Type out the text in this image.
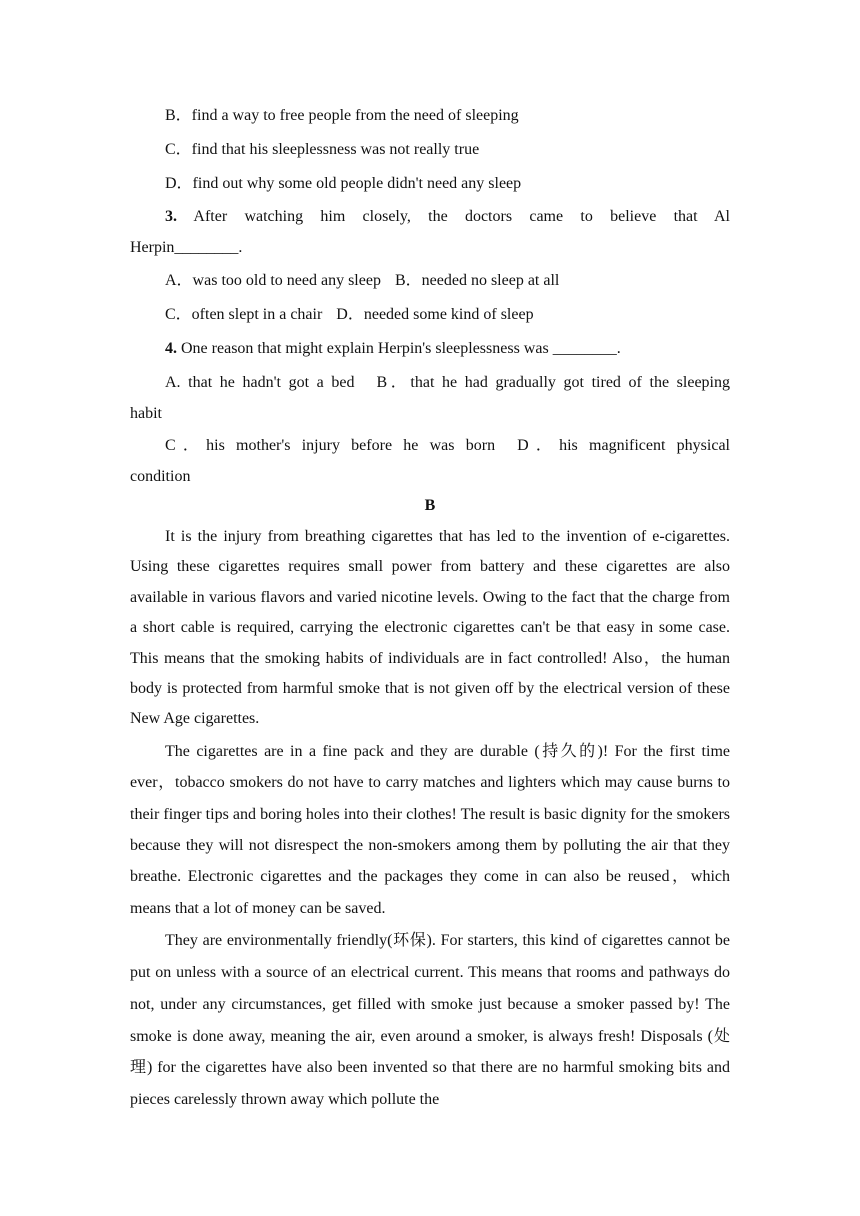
B．find a way to free people from the need of sleeping

C．find that his sleeplessness was not really true

D．find out why some old people didn't need any sleep

3. After watching him closely, the doctors came to believe that Al

Herpin________.

A．was too old to need any sleep B．needed no sleep at all

C．often slept in a chair D．needed some kind of sleep

4. One reason that might explain Herpin's sleeplessness was ________.

A. that he hadn't got a bed B．that he had gradually got tired of the sleeping

habit

C．his mother's injury before he was born D．his magnificent physical

condition

B

It is the injury from breathing cigarettes that has led to the invention of e-cigarettes. Using these cigarettes requires small power from battery and these cigarettes are also available in various flavors and varied nicotine levels. Owing to the fact that the charge from a short cable is required, carrying the electronic cigarettes can't be that easy in some case. This means that the smoking habits of individuals are in fact controlled! Also，the human body is protected from harmful smoke that is not given off by the electrical version of these New Age cigarettes.

The cigarettes are in a fine pack and they are durable (持久的)! For the first time ever，tobacco smokers do not have to carry matches and lighters which may cause burns to their finger tips and boring holes into their clothes! The result is basic dignity for the smokers because they will not disrespect the non-smokers among them by polluting the air that they breathe. Electronic cigarettes and the packages they come in can also be reused，which means that a lot of money can be saved.

They are environmentally friendly(环保). For starters, this kind of cigarettes cannot be put on unless with a source of an electrical current. This means that rooms and pathways do not, under any circumstances, get filled with smoke just because a smoker passed by! The smoke is done away, meaning the air, even around a smoker, is always fresh! Disposals (处理) for the cigarettes have also been invented so that there are no harmful smoking bits and pieces carelessly thrown away which pollute the
